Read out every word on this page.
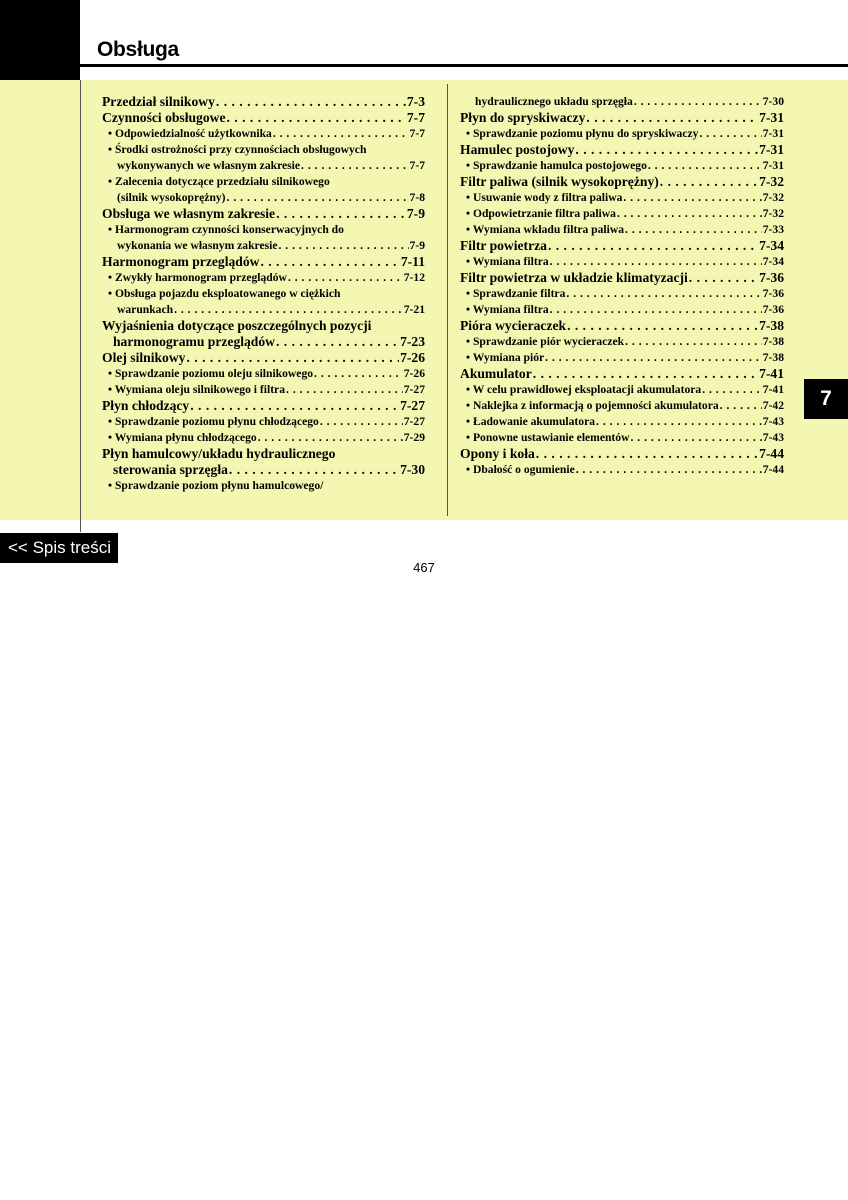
Obsługa
Przedział silnikowy . . .	7-3
Czynności obsługowe . . .	7-7
• Odpowiedzialność użytkownika . . .	7-7
• Środki ostrożności przy czynnościach obsługowych
wykonywanych we własnym zakresie . . .	7-7
• Zalecenia dotyczące przedziału silnikowego
(silnik wysokoprężny) . . .	7-8
Obsługa we własnym zakresie . . .	7-9
• Harmonogram czynności konserwacyjnych do
wykonania we własnym zakresie . . .	7-9
Harmonogram przeglądów . . .	7-11
• Zwykły harmonogram przeglądów . . .	7-12
• Obsługa pojazdu eksploatowanego w ciężkich
warunkach . . .	7-21
Wyjaśnienia dotyczące poszczególnych pozycji
harmonogramu przeglądów . . .	7-23
Olej silnikowy . . .	7-26
• Sprawdzanie poziomu oleju silnikowego . . .	7-26
• Wymiana oleju silnikowego i filtra . . .	7-27
Płyn chłodzący . . .	7-27
• Sprawdzanie poziomu płynu chłodzącego . . .	7-27
• Wymiana płynu chłodzącego . . .	7-29
Płyn hamulcowy/układu hydraulicznego
sterowania sprzęgła . . .	7-30
• Sprawdzanie poziom płynu hamulcowego/
hydraulicznego układu sprzęgła . . .	7-30
Płyn do spryskiwaczy . . .	7-31
• Sprawdzanie poziomu płynu do spryskiwaczy . . .	7-31
Hamulec postojowy . . .	7-31
• Sprawdzanie hamulca postojowego . . .	7-31
Filtr paliwa (silnik wysokoprężny) . . .	7-32
• Usuwanie wody z filtra paliwa . . .	7-32
• Odpowietrzanie filtra paliwa . . .	7-32
• Wymiana wkładu filtra paliwa . . .	7-33
Filtr powietrza . . .	7-34
• Wymiana filtra . . .	7-34
Filtr powietrza w układzie klimatyzacji . . .	7-36
• Sprawdzanie filtra . . .	7-36
• Wymiana filtra . . .	7-36
Pióra wycieraczek . . .	7-38
• Sprawdzanie piór wycieraczek . . .	7-38
• Wymiana piór . . .	7-38
Akumulator . . .	7-41
• W celu prawidłowej eksploatacji akumulatora . . .	7-41
• Naklejka z informacją o pojemności akumulatora . . .	7-42
• Ładowanie akumulatora . . .	7-43
• Ponowne ustawianie elementów . . .	7-43
Opony i koła . . .	7-44
• Dbałość o ogumienie . . .	7-44
7
<< Spis treści
467
